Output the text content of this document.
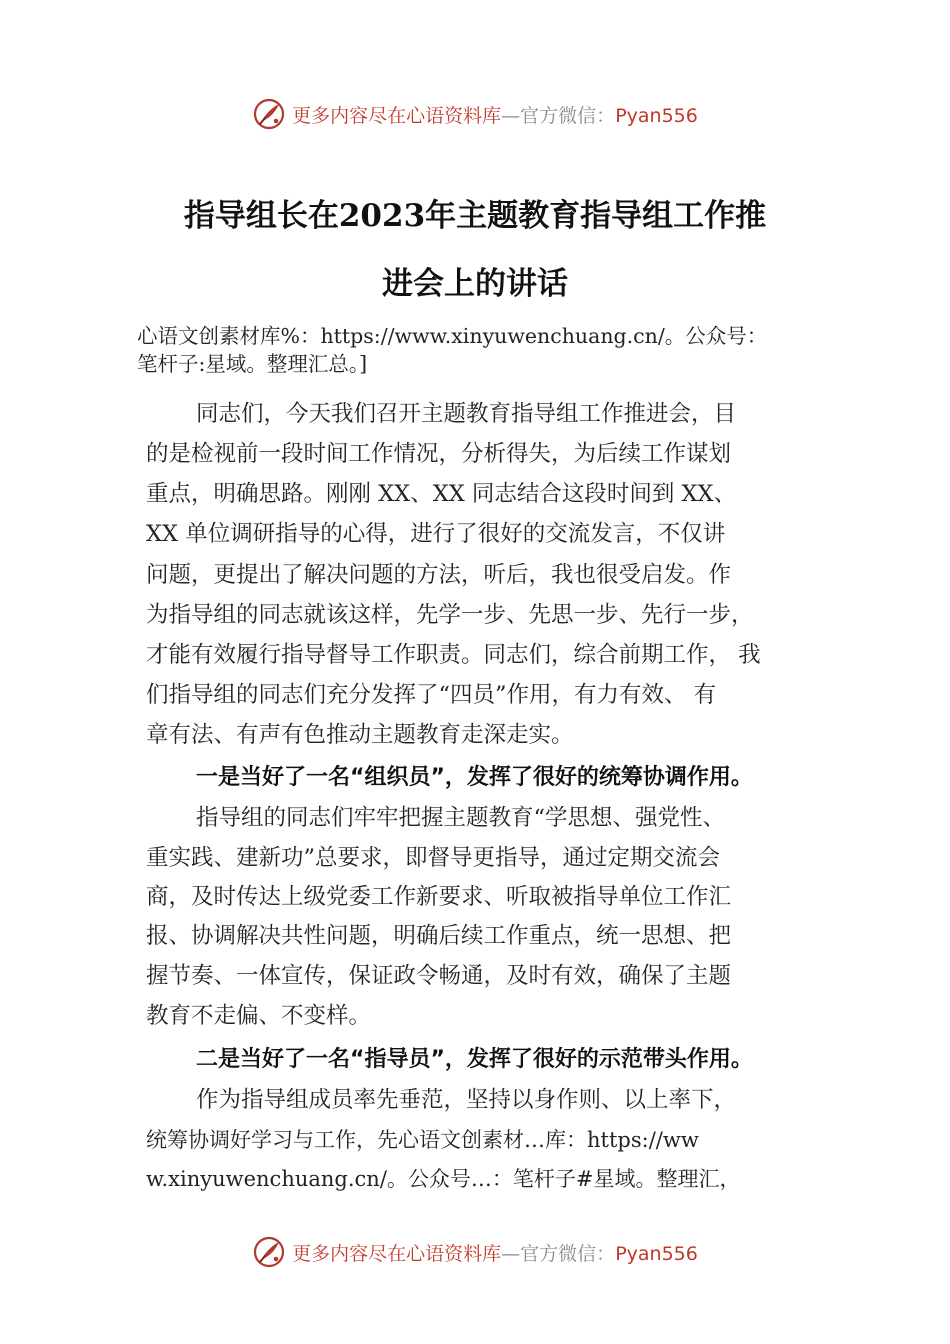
更多内容尽在心语资料库—官方微信：Pyan556
指导组长在2023年主题教育指导组工作推
进会上的讲话
心语文创素材库%：https://www.xinyuwenchuang.cn/。公众号：
笔杆子:星域。整理汇总。]
同志们，今天我们召开主题教育指导组工作推进会，目
的是检视前一段时间工作情况，分析得失，为后续工作谋划
重点，明确思路。刚刚 XX、XX 同志结合这段时间到 XX、
XX 单位调研指导的心得，进行了很好的交流发言，不仅讲
问题，更提出了解决问题的方法，听后，我也很受启发。作
为指导组的同志就该这样，先学一步、先思一步、先行一步，
才能有效履行指导督导工作职责。同志们，综合前期工作， 我
们指导组的同志们充分发挥了“四员”作用，有力有效、 有
章有法、有声有色推动主题教育走深走实。
一是当好了一名“组织员”，发挥了很好的统筹协调作用。
指导组的同志们牢牢把握主题教育“学思想、强党性、
重实践、建新功”总要求，即督导更指导，通过定期交流会
商，及时传达上级党委工作新要求、听取被指导单位工作汇
报、协调解决共性问题，明确后续工作重点，统一思想、把
握节奏、一体宣传，保证政令畅通，及时有效，确保了主题
教育不走偏、不变样。
二是当好了一名“指导员”，发挥了很好的示范带头作用。
作为指导组成员率先垂范，坚持以身作则、以上率下，
统筹协调好学习与工作，先心语文创素材…库：https://ww
w.xinyuwenchuang.cn/。公众号…：笔杆子#星域。整理汇，
更多内容尽在心语资料库—官方微信：Pyan556
